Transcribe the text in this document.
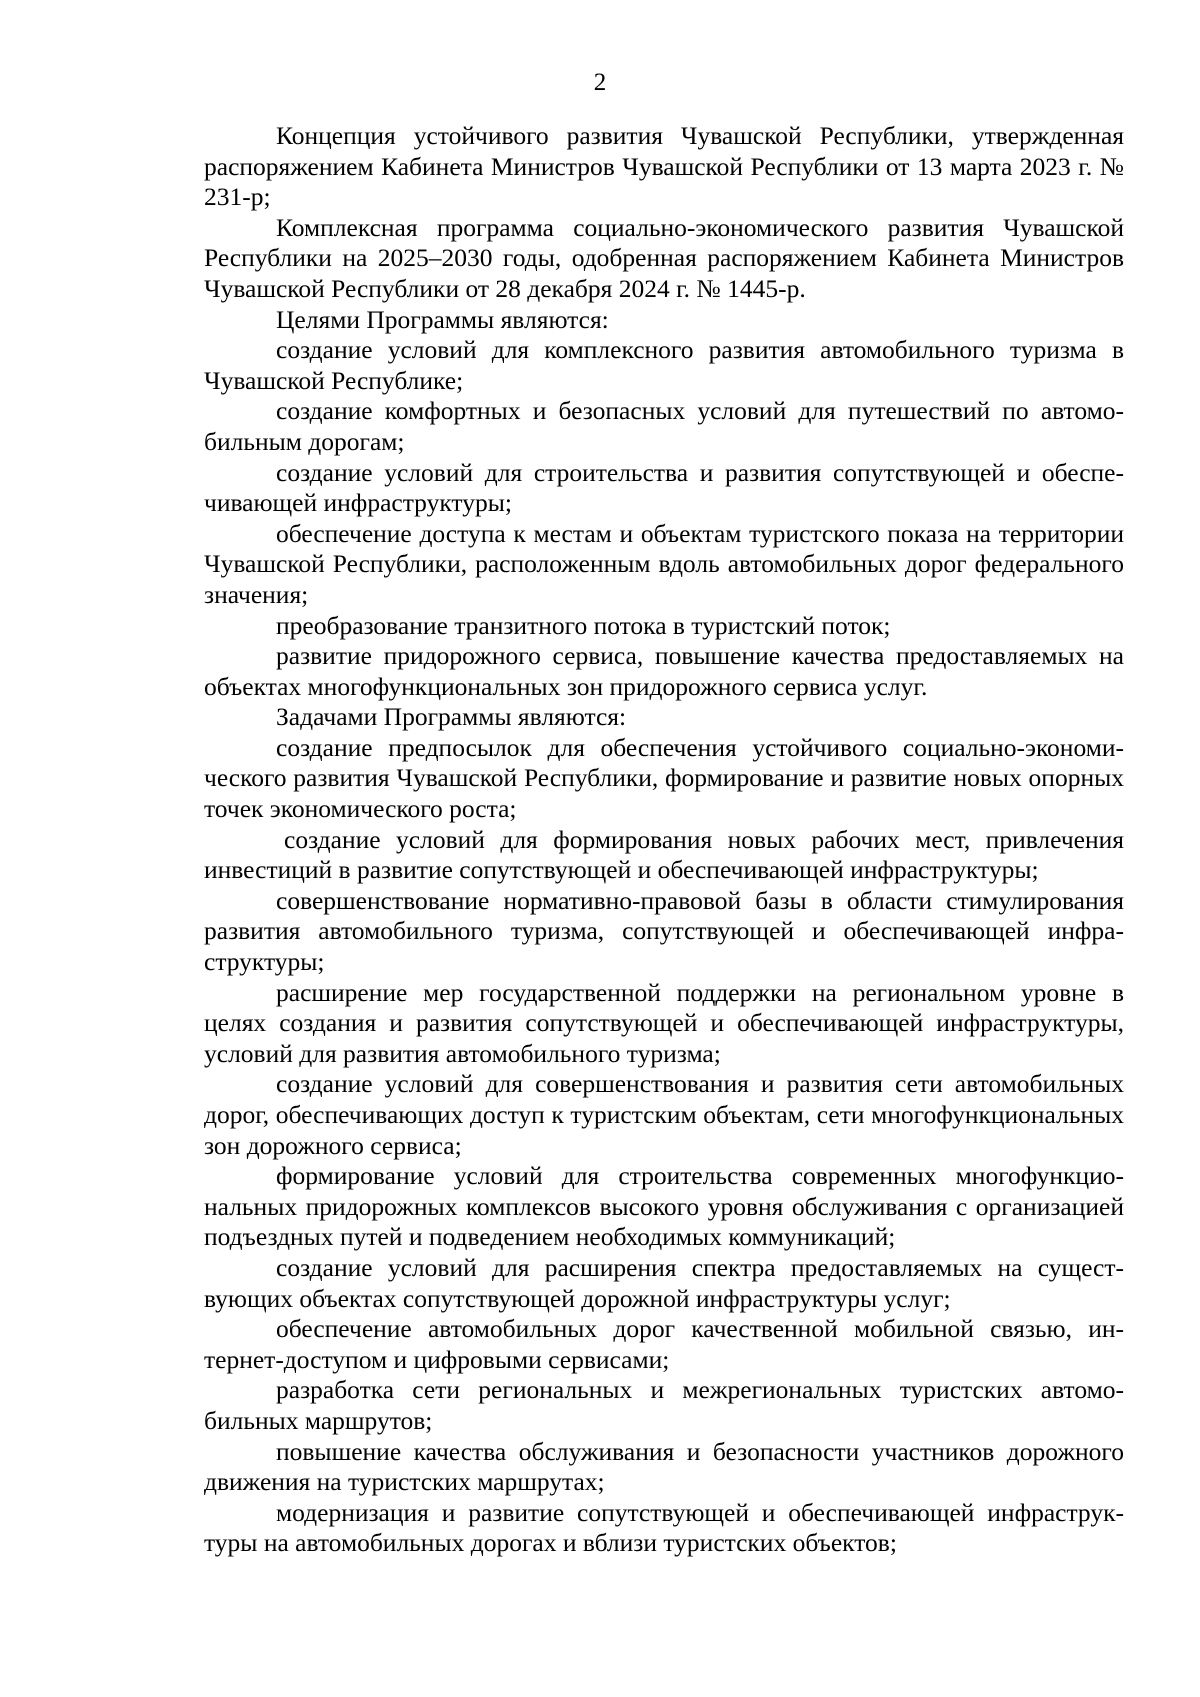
2

Концепция устойчивого развития Чувашской Республики, утвержденная распоряжением Кабинета Министров Чувашской Республики от 13 марта 2023 г. № 231-р;

Комплексная программа социально-экономического развития Чувашской Республики на 2025–2030 годы, одобренная распоряжением Кабинета Министров Чувашской Республики от 28 декабря 2024 г. № 1445-р.

Целями Программы являются:

создание условий для комплексного развития автомобильного туризма в Чувашской Республике;

создание комфортных и безопасных условий для путешествий по автомобильным дорогам;

создание условий для строительства и развития сопутствующей и обеспечивающей инфраструктуры;

обеспечение доступа к местам и объектам туристского показа на территории Чувашской Республики, расположенным вдоль автомобильных дорог федерального значения;

преобразование транзитного потока в туристский поток;

развитие придорожного сервиса, повышение качества предоставляемых на объектах многофункциональных зон придорожного сервиса услуг.

Задачами Программы являются:

создание предпосылок для обеспечения устойчивого социально-экономического развития Чувашской Республики, формирование и развитие новых опорных точек экономического роста;

создание условий для формирования новых рабочих мест, привлечения инвестиций в развитие сопутствующей и обеспечивающей инфраструктуры;

совершенствование нормативно-правовой базы в области стимулирования развития автомобильного туризма, сопутствующей и обеспечивающей инфраструктуры;

расширение мер государственной поддержки на региональном уровне в целях создания и развития сопутствующей и обеспечивающей инфраструктуры, условий для развития автомобильного туризма;

создание условий для совершенствования и развития сети автомобильных дорог, обеспечивающих доступ к туристским объектам, сети многофункциональных зон дорожного сервиса;

формирование условий для строительства современных многофункциональных придорожных комплексов высокого уровня обслуживания с организацией подъездных путей и подведением необходимых коммуникаций;

создание условий для расширения спектра предоставляемых на существующих объектах сопутствующей дорожной инфраструктуры услуг;

обеспечение автомобильных дорог качественной мобильной связью, интернет-доступом и цифровыми сервисами;

разработка сети региональных и межрегиональных туристских автомобильных маршрутов;

повышение качества обслуживания и безопасности участников дорожного движения на туристских маршрутах;

модернизация и развитие сопутствующей и обеспечивающей инфраструктуры на автомобильных дорогах и вблизи туристских объектов;
